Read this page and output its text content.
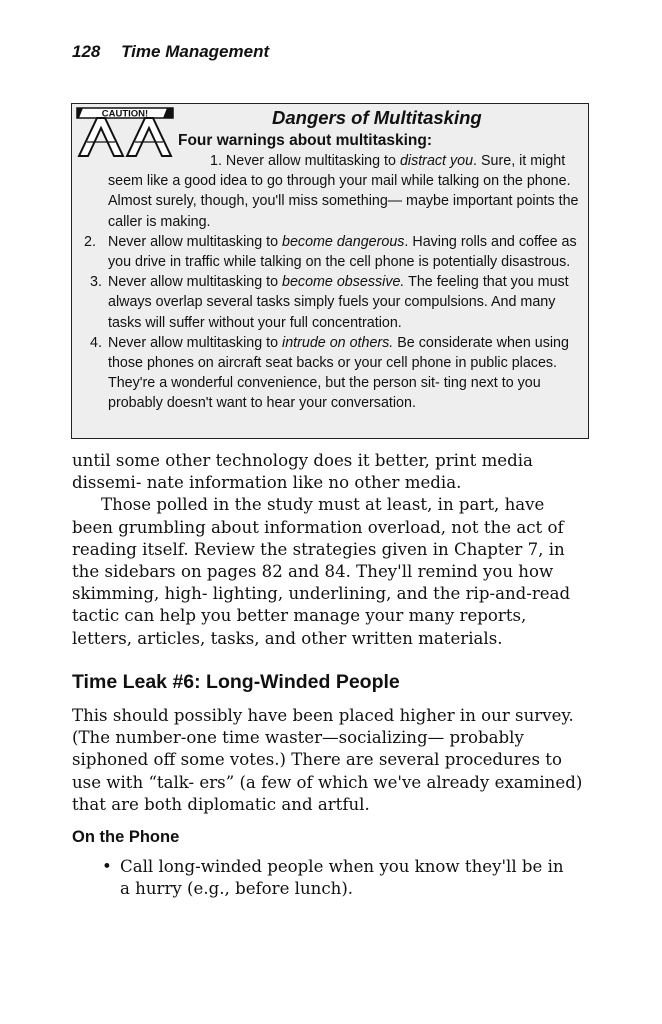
128 Time Management
CAUTION!	Dangers of Multitasking
Four warnings about multitasking:
1. Never allow multitasking to distract you. Sure, it might seem like a good idea to go through your mail while talking on the phone. Almost surely, though, you'll miss something— maybe important points the caller is making.
2. Never allow multitasking to become dangerous. Having rolls and coffee as you drive in traffic while talking on the cell phone is potentially disastrous.
3. Never allow multitasking to become obsessive. The feeling that you must always overlap several tasks simply fuels your compulsions. And many tasks will suffer without your full concentration.
4. Never allow multitasking to intrude on others. Be considerate when using those phones on aircraft seat backs or your cell phone in public places. They're a wonderful convenience, but the person sit- ting next to you probably doesn't want to hear your conversation.

until some other technology does it better, print media dissemi- nate information like no other media.

Those polled in the study must at least, in part, have been grumbling about information overload, not the act of reading itself. Review the strategies given in Chapter 7, in the sidebars on pages 82 and 84. They'll remind you how skimming, high- lighting, underlining, and the rip-and-read tactic can help you better manage your many reports, letters, articles, tasks, and other written materials.

Time Leak #6: Long-Winded People

This should possibly have been placed higher in our survey. (The number-one time waster—socializing— probably siphoned off some votes.) There are several procedures to use with “talk- ers” (a few of which we've already examined) that are both diplomatic and artful.

On the Phone
• Call long-winded people when you know they'll be in a hurry (e.g., before lunch).
